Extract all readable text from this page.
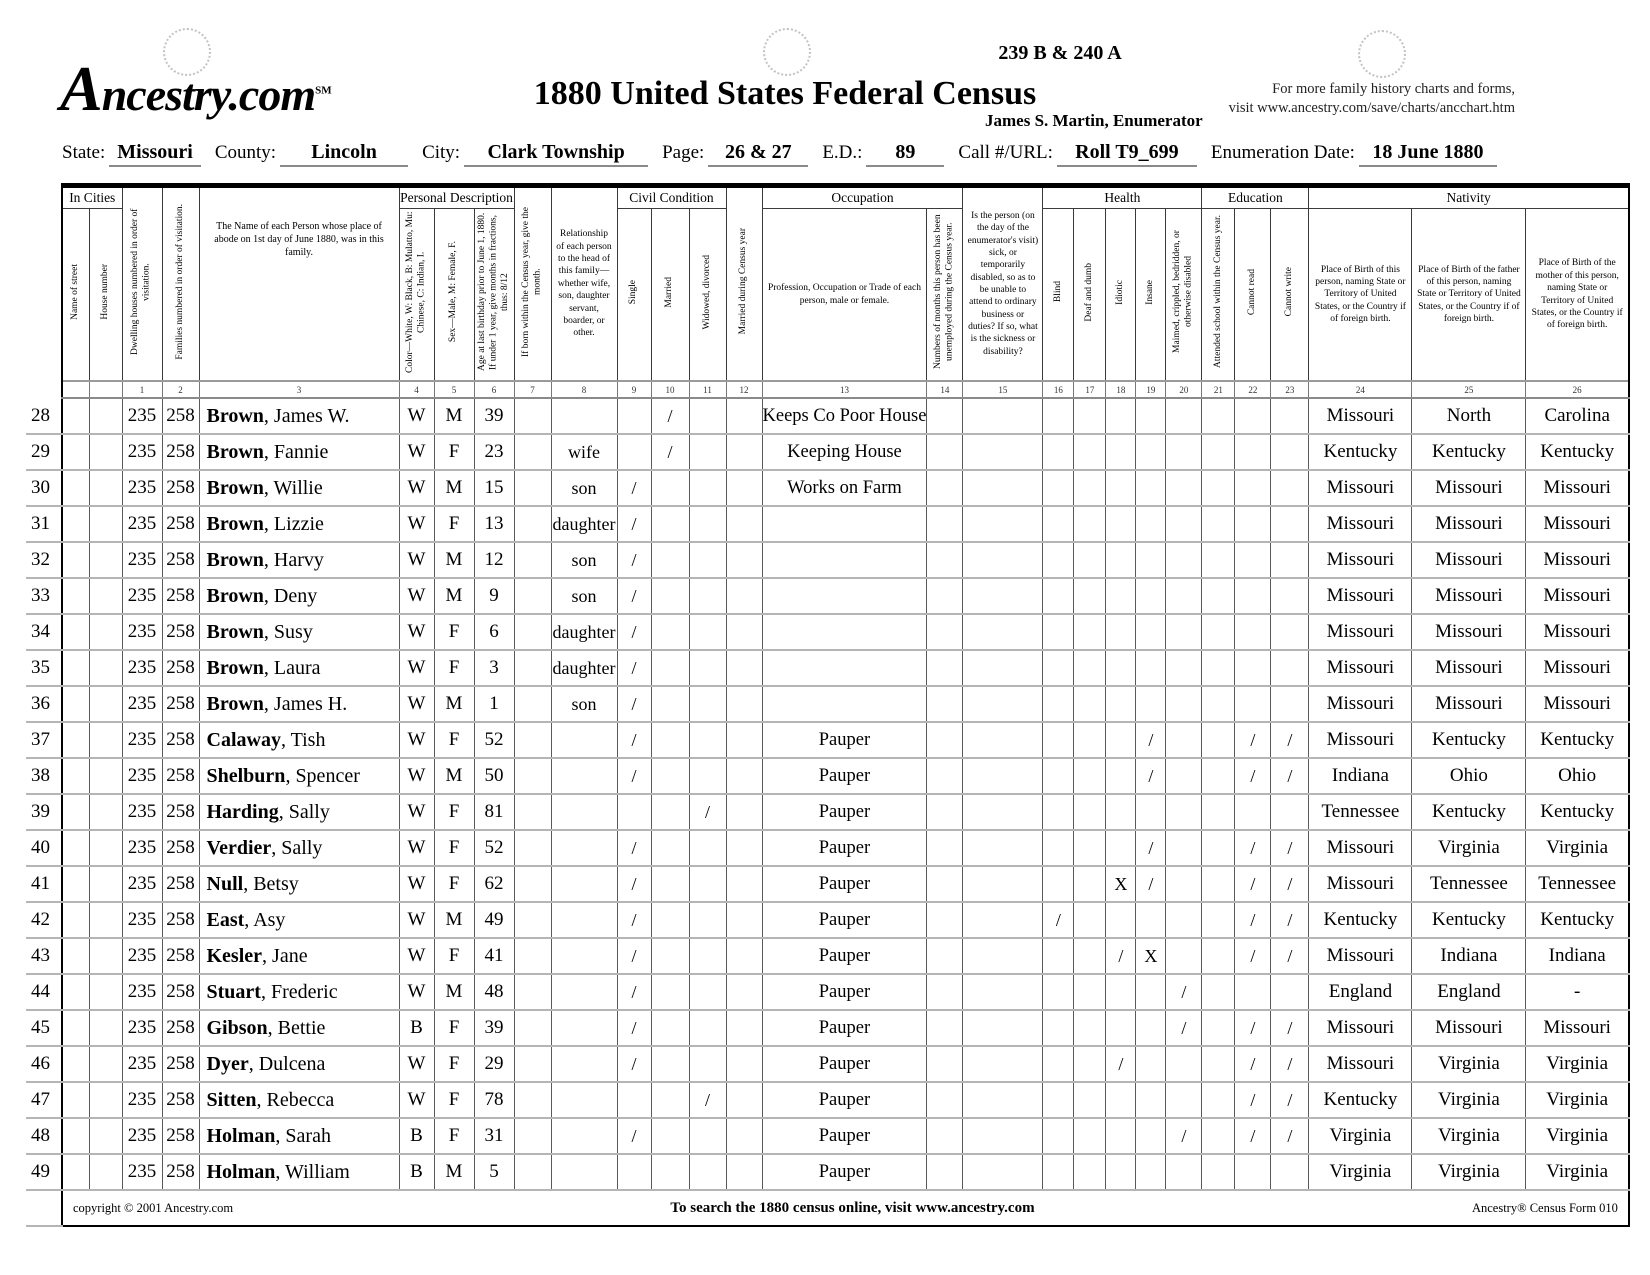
Ancestry.com℠
239 B & 240 A
1880 United States Federal Census	For more family history charts and forms,
visit www.ancestry.com/save/charts/ancchart.htm
James S. Martin, Enumerator
State: Missouri	County:	Lincoln	City:	Clark Township	Page:	26 & 27	E.D.:	89	Call #/URL:	Roll T9_699	Enumeration Date: 18 June 1880
	In Cities		Dwelling houses numbered in order of visitation.	Families numbered in order of visitation.	The Name of each Person whose place of abode on 1st day of June 1880, was in this family.	Personal Description			If born within the Census year, give the month.	Relationship of each person to the head of this family— whether wife, son, daughter servant, boarder, or other.	Civil Condition			Married during Census year	Occupation		Is the person (on the day of the enumerator's visit) sick, or temporarily disabled, so as to be unable to attend to ordinary business or duties? If so, what is the sickness or disability?	Health					Education			Nativity		
	Name of street	House number				Color—White, W: Black, B: Mulatto, Mu: Chinese, C: Indian, I.	Sex—Male, M: Female, F.	Age at last birthday prior to June 1, 1880. If under 1 year, give months in fractions, thus: 8/12			Single	Married	Widowed, divorced		Profession, Occupation or Trade of each person, male or female.	Numbers of months this person has been unemployed during the Census year.		Blind	Deaf and dumb	Idiotic	Insane	Maimed, crippled, bedridden, or otherwise disabled	Attended school within the Census year.	Cannot read	Cannot write	Place of Birth of this person, naming State or Territory of United States, or the Country if of foreign birth.	Place of Birth of the father of this person, naming State or Territory of United States, or the Country if of foreign birth.	Place of Birth of the mother of this person, naming State or Territory of United States, or the Country if of foreign birth.

			1	2	3	4	5	6	7	8	9	10	11	12	13	14	15	16	17	18	19	20	21	22	23	24	25	26
28			235	258	Brown, James W.	W	M	39				/			Keeps Co Poor House											Missouri	North	Carolina
29			235	258	Brown, Fannie	W	F	23		wife		/			Keeping House											Kentucky	Kentucky	Kentucky
30			235	258	Brown, Willie	W	M	15		son	/				Works on Farm											Missouri	Missouri	Missouri
31			235	258	Brown, Lizzie	W	F	13		daughter	/															Missouri	Missouri	Missouri
32			235	258	Brown, Harvy	W	M	12		son	/															Missouri	Missouri	Missouri
33			235	258	Brown, Deny	W	M	9		son	/															Missouri	Missouri	Missouri
34			235	258	Brown, Susy	W	F	6		daughter	/															Missouri	Missouri	Missouri
35			235	258	Brown, Laura	W	F	3		daughter	/															Missouri	Missouri	Missouri
36			235	258	Brown, James H.	W	M	1		son	/															Missouri	Missouri	Missouri
37			235	258	Calaway, Tish	W	F	52			/				Pauper						/			/	/	Missouri	Kentucky	Kentucky
38			235	258	Shelburn, Spencer	W	M	50			/				Pauper						/			/	/	Indiana	Ohio	Ohio
39			235	258	Harding, Sally	W	F	81					/		Pauper											Tennessee	Kentucky	Kentucky
40			235	258	Verdier, Sally	W	F	52			/				Pauper						/			/	/	Missouri	Virginia	Virginia
41			235	258	Null, Betsy	W	F	62			/				Pauper					X	/			/	/	Missouri	Tennessee	Tennessee
42			235	258	East, Asy	W	M	49			/				Pauper			/						/	/	Kentucky	Kentucky	Kentucky
43			235	258	Kesler, Jane	W	F	41			/				Pauper					/	X			/	/	Missouri	Indiana	Indiana
44			235	258	Stuart, Frederic	W	M	48			/				Pauper							/				England	England	-
45			235	258	Gibson, Bettie	B	F	39			/				Pauper							/		/	/	Missouri	Missouri	Missouri
46			235	258	Dyer, Dulcena	W	F	29			/				Pauper					/				/	/	Missouri	Virginia	Virginia
47			235	258	Sitten, Rebecca	W	F	78					/		Pauper									/	/	Kentucky	Virginia	Virginia
48			235	258	Holman, Sarah	B	F	31			/				Pauper							/		/	/	Virginia	Virginia	Virginia
49			235	258	Holman, William	B	M	5							Pauper											Virginia	Virginia	Virginia

	copyright © 2001 Ancestry.com To search the 1880 census online, visit www.ancestry.com Ancestry® Census Form 010																											
